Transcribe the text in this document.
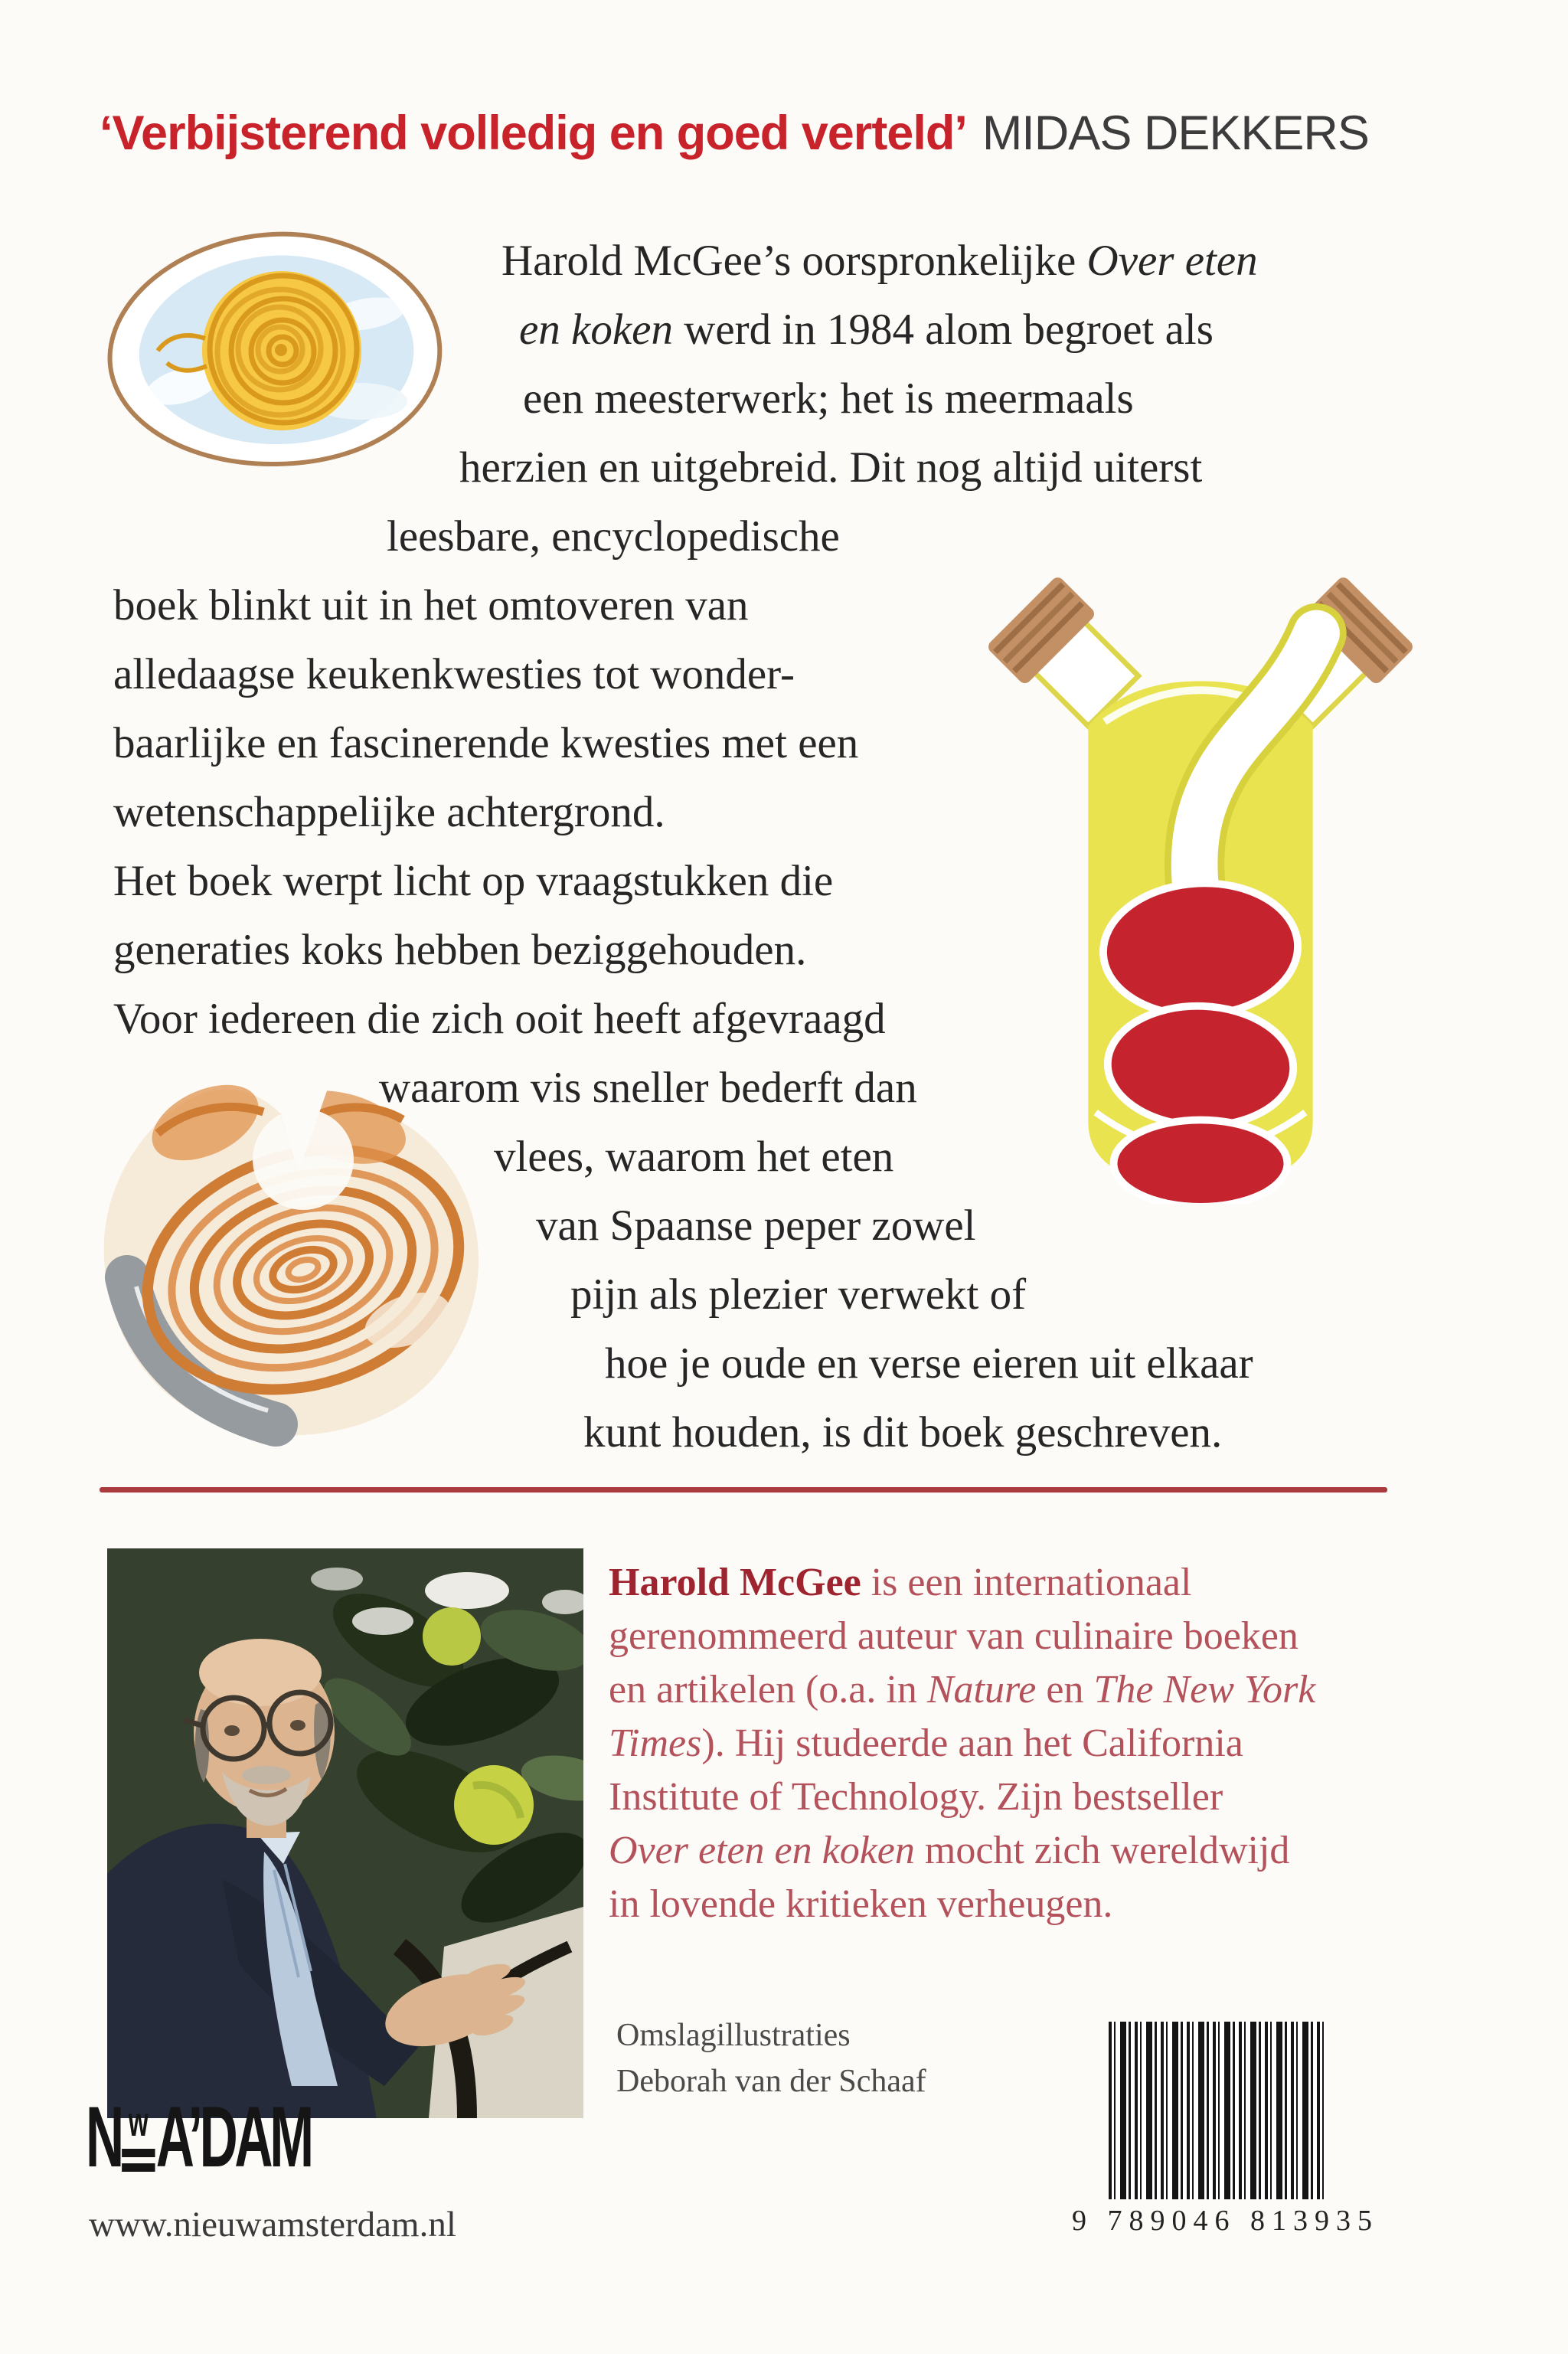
‘Verbijsterend volledig en goed verteld’ MIDAS DEKKERS
Harold McGee’s oorspronkelijke Over eten
en koken werd in 1984 alom begroet als
een meesterwerk; het is meermaals
herzien en uitgebreid. Dit nog altijd uiterst
leesbare, encyclopedische
boek blinkt uit in het omtoveren van
alledaagse keukenkwesties tot wonder-
baarlijke en fascinerende kwesties met een
wetenschappelijke achtergrond.
Het boek werpt licht op vraagstukken die
generaties koks hebben beziggehouden.
Voor iedereen die zich ooit heeft afgevraagd
waarom vis sneller bederft dan
vlees, waarom het eten
van Spaanse peper zowel
pijn als plezier verwekt of
hoe je oude en verse eieren uit elkaar
kunt houden, is dit boek geschreven.
Harold McGee is een internationaal
gerenommeerd auteur van culinaire boeken
en artikelen (o.a. in Nature en The New York
Times). Hij studeerde aan het California
Institute of Technology. Zijn bestseller
Over eten en koken mocht zich wereldwijd
in lovende kritieken verheugen.
Omslagillustraties
Deborah van der Schaaf
N w A’DAM
www.nieuwamsterdam.nl	9 789046 813935
